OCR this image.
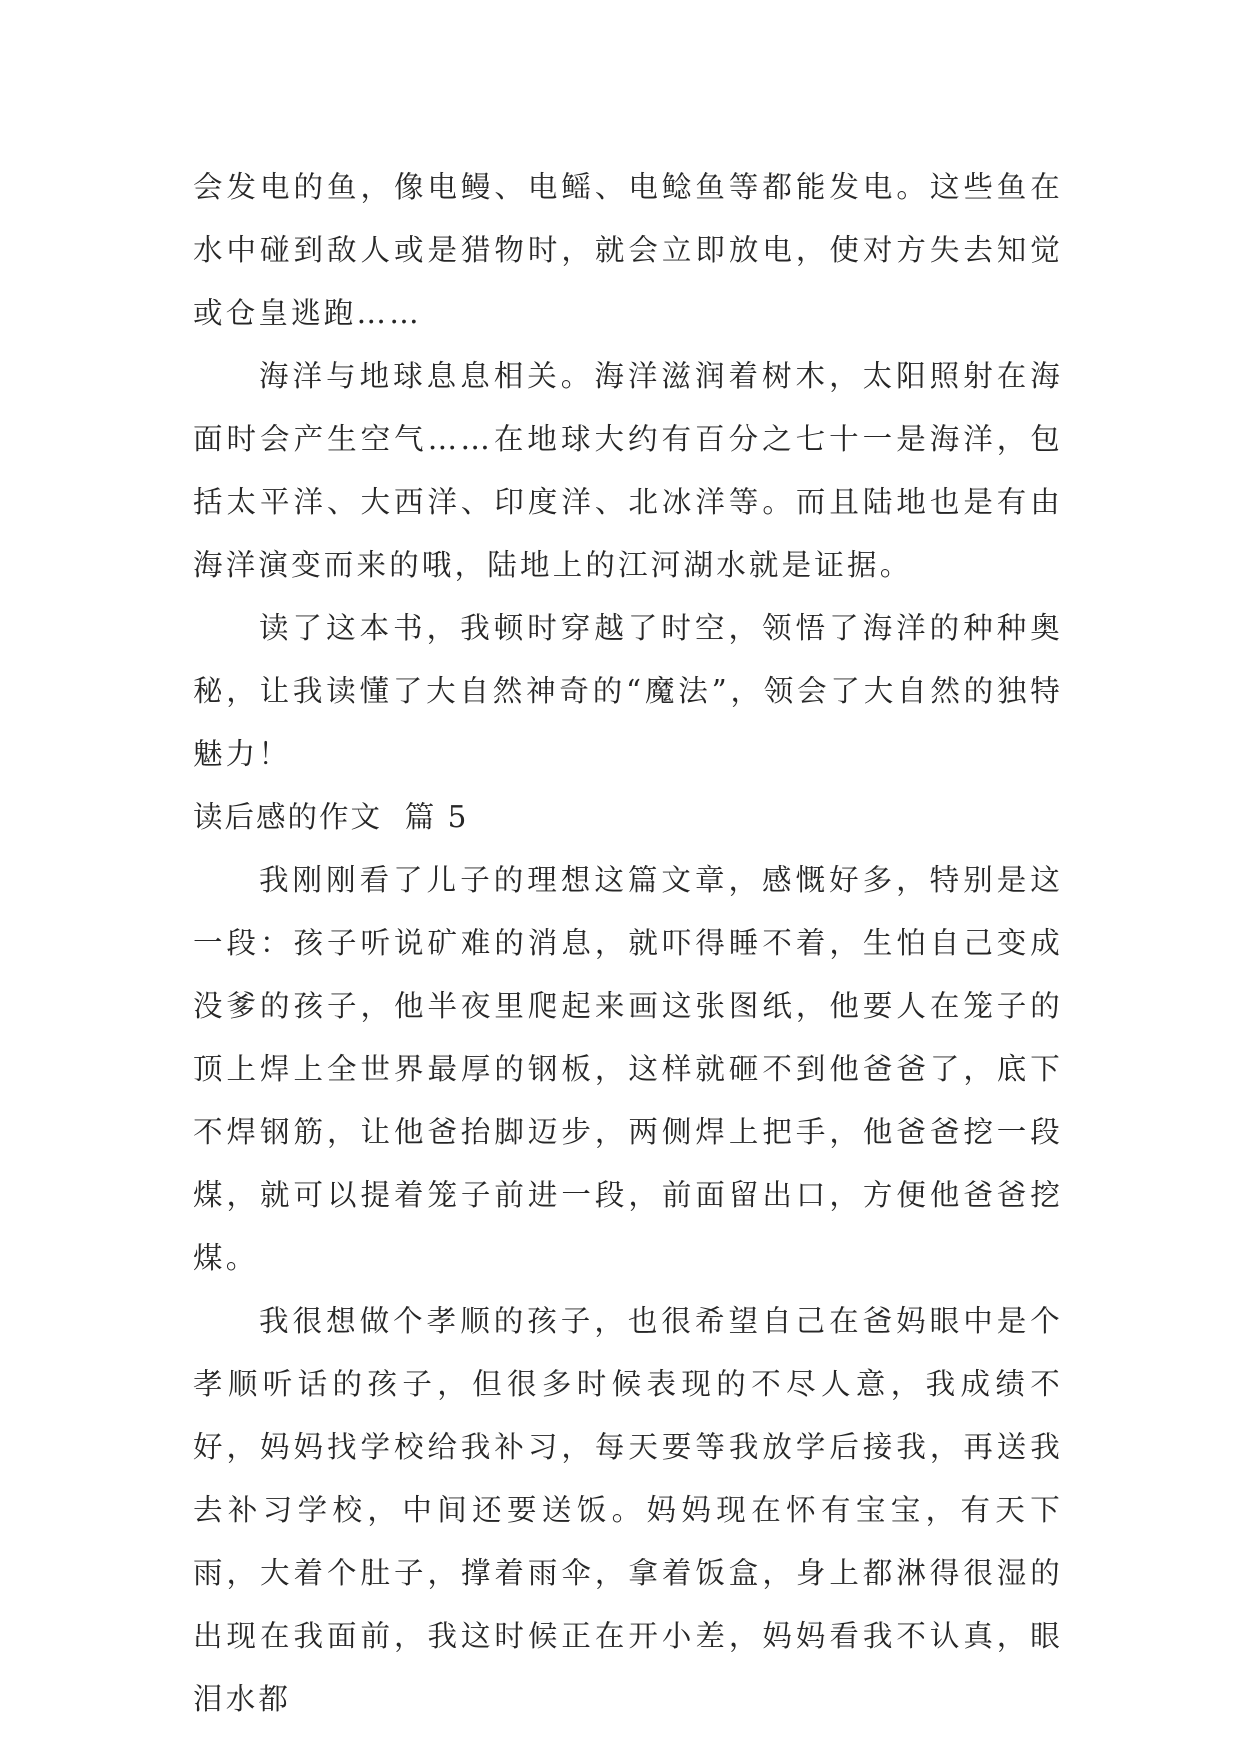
会发电的鱼，像电鳗、电鳐、电鲶鱼等都能发电。这些鱼在水中碰到敌人或是猎物时，就会立即放电，使对方失去知觉或仓皇逃跑……

海洋与地球息息相关。海洋滋润着树木，太阳照射在海面时会产生空气……在地球大约有百分之七十一是海洋，包括太平洋、大西洋、印度洋、北冰洋等。而且陆地也是有由海洋演变而来的哦，陆地上的江河湖水就是证据。

读了这本书，我顿时穿越了时空，领悟了海洋的种种奥秘，让我读懂了大自然神奇的“魔法”，领会了大自然的独特魅力！

读后感的作文  篇 5

我刚刚看了儿子的理想这篇文章，感慨好多，特别是这一段：孩子听说矿难的消息，就吓得睡不着，生怕自己变成没爹的孩子，他半夜里爬起来画这张图纸，他要人在笼子的顶上焊上全世界最厚的钢板，这样就砸不到他爸爸了，底下不焊钢筋，让他爸抬脚迈步，两侧焊上把手，他爸爸挖一段煤，就可以提着笼子前进一段，前面留出口，方便他爸爸挖煤。

我很想做个孝顺的孩子，也很希望自己在爸妈眼中是个孝顺听话的孩子，但很多时候表现的不尽人意，我成绩不好，妈妈找学校给我补习，每天要等我放学后接我，再送我去补习学校，中间还要送饭。妈妈现在怀有宝宝，有天下雨，大着个肚子，撑着雨伞，拿着饭盒，身上都淋得很湿的出现在我面前，我这时候正在开小差，妈妈看我不认真，眼泪水都
